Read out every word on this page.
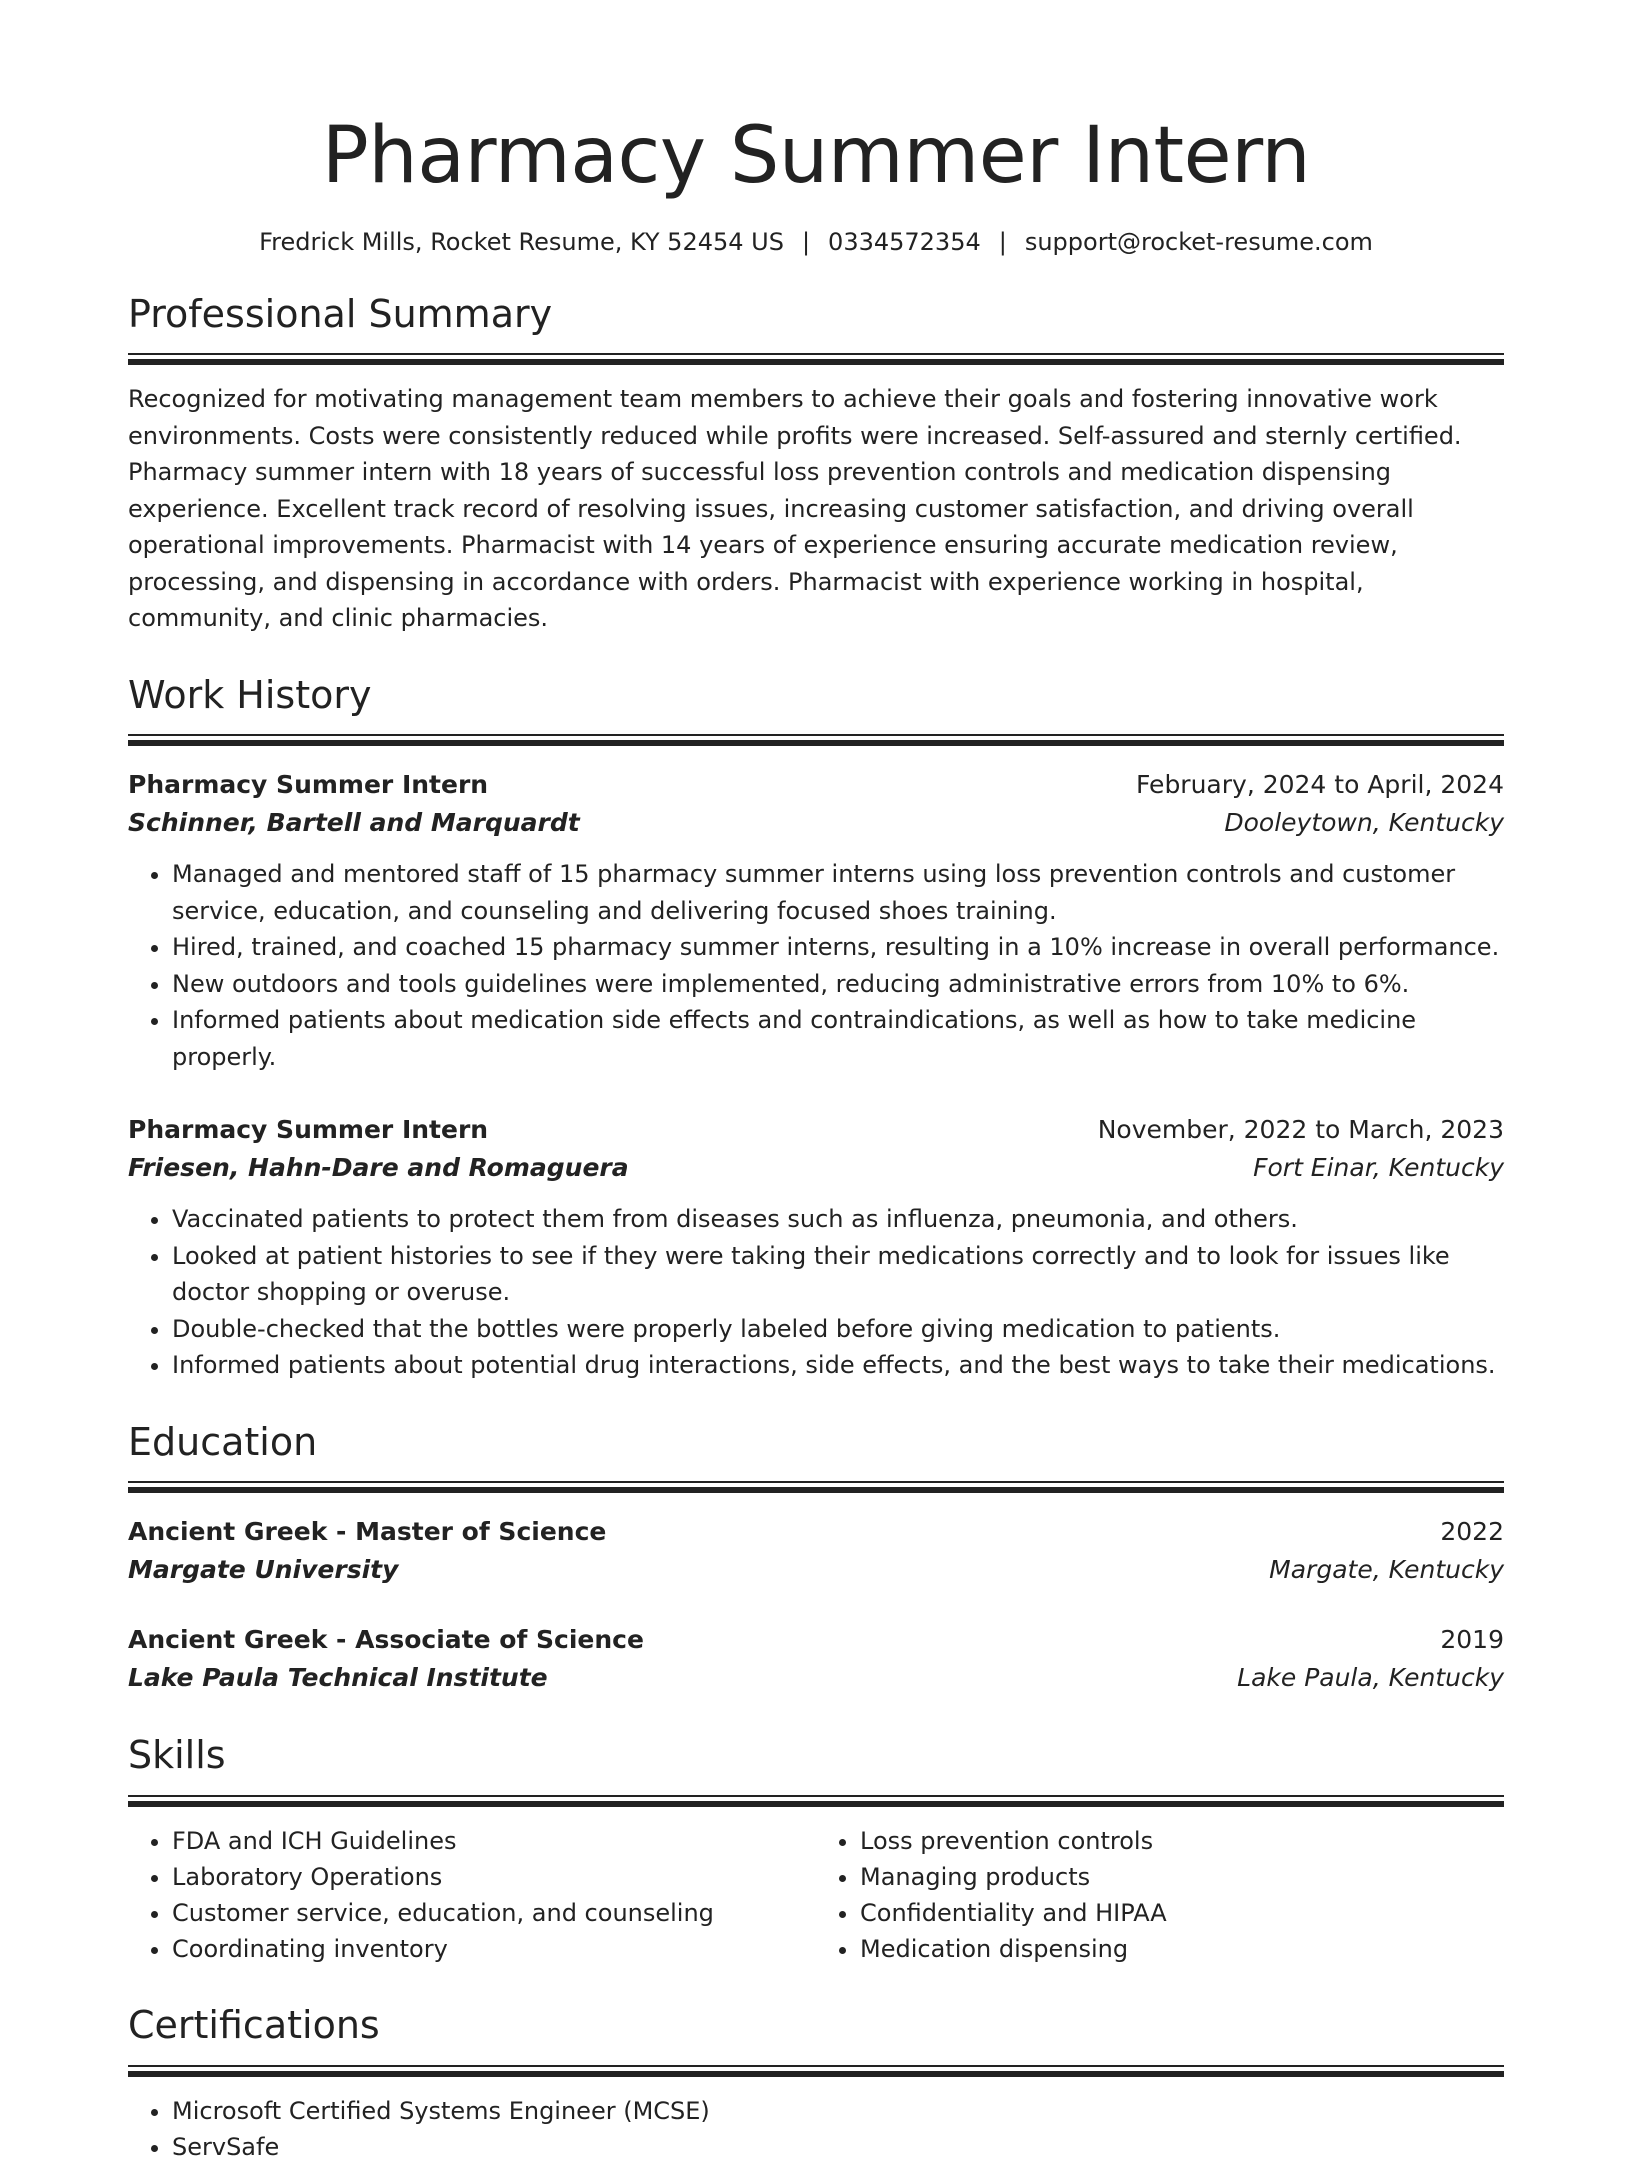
Pharmacy Summer Intern
Fredrick Mills, Rocket Resume, KY 52454 US | 0334572354 | support@rocket-resume.com
Professional Summary
Recognized for motivating management team members to achieve their goals and fostering innovative work environments. Costs were consistently reduced while profits were increased. Self-assured and sternly certified. Pharmacy summer intern with 18 years of successful loss prevention controls and medication dispensing experience. Excellent track record of resolving issues, increasing customer satisfaction, and driving overall operational improvements. Pharmacist with 14 years of experience ensuring accurate medication review, processing, and dispensing in accordance with orders. Pharmacist with experience working in hospital, community, and clinic pharmacies.
Work History
Pharmacy Summer Intern	February, 2024 to April, 2024
Schinner, Bartell and Marquardt	Dooleytown, Kentucky
• Managed and mentored staff of 15 pharmacy summer interns using loss prevention controls and customer service, education, and counseling and delivering focused shoes training.
• Hired, trained, and coached 15 pharmacy summer interns, resulting in a 10% increase in overall performance.
• New outdoors and tools guidelines were implemented, reducing administrative errors from 10% to 6%.
• Informed patients about medication side effects and contraindications, as well as how to take medicine properly.
Pharmacy Summer Intern	November, 2022 to March, 2023
Friesen, Hahn-Dare and Romaguera	Fort Einar, Kentucky
• Vaccinated patients to protect them from diseases such as influenza, pneumonia, and others.
• Looked at patient histories to see if they were taking their medications correctly and to look for issues like doctor shopping or overuse.
• Double-checked that the bottles were properly labeled before giving medication to patients.
• Informed patients about potential drug interactions, side effects, and the best ways to take their medications.
Education
Ancient Greek - Master of Science	2022
Margate University	Margate, Kentucky
Ancient Greek - Associate of Science	2019
Lake Paula Technical Institute	Lake Paula, Kentucky
Skills
• FDA and ICH Guidelines
• Laboratory Operations
• Customer service, education, and counseling
• Coordinating inventory
• Loss prevention controls
• Managing products
• Confidentiality and HIPAA
• Medication dispensing
Certifications
• Microsoft Certified Systems Engineer (MCSE)
• ServSafe
